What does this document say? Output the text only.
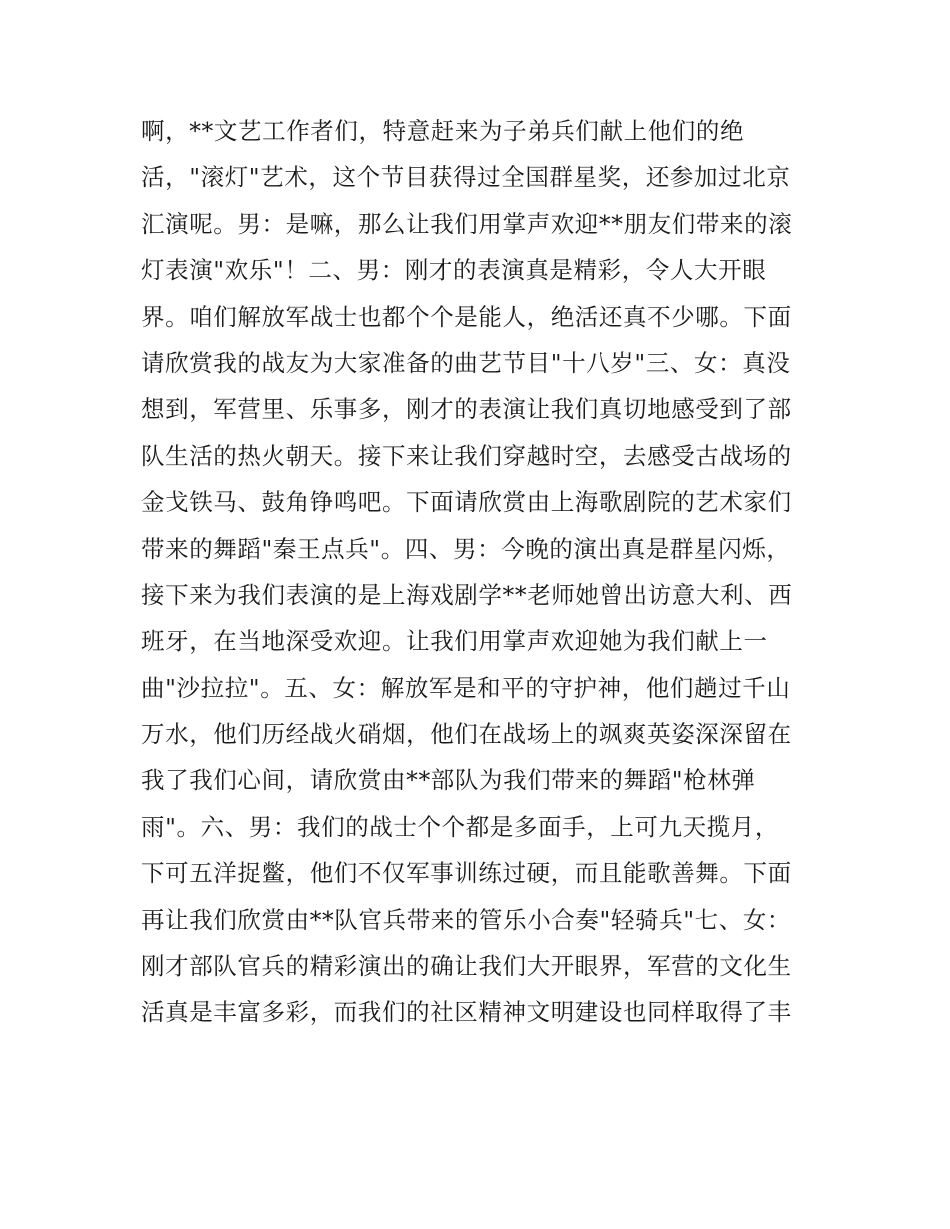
啊，**文艺工作者们，特意赶来为子弟兵们献上他们的绝
活，"滚灯"艺术，这个节目获得过全国群星奖，还参加过北京
汇演呢。男：是嘛，那么让我们用掌声欢迎**朋友们带来的滚
灯表演"欢乐"！二、男：刚才的表演真是精彩，令人大开眼
界。咱们解放军战士也都个个是能人，绝活还真不少哪。下面
请欣赏我的战友为大家准备的曲艺节目"十八岁"三、女：真没
想到，军营里、乐事多，刚才的表演让我们真切地感受到了部
队生活的热火朝天。接下来让我们穿越时空，去感受古战场的
金戈铁马、鼓角铮鸣吧。下面请欣赏由上海歌剧院的艺术家们
带来的舞蹈"秦王点兵"。四、男：今晚的演出真是群星闪烁，
接下来为我们表演的是上海戏剧学**老师她曾出访意大利、西
班牙，在当地深受欢迎。让我们用掌声欢迎她为我们献上一
曲"沙拉拉"。五、女：解放军是和平的守护神，他们趟过千山
万水，他们历经战火硝烟，他们在战场上的飒爽英姿深深留在
我了我们心间，请欣赏由**部队为我们带来的舞蹈"枪林弹
雨"。六、男：我们的战士个个都是多面手，上可九天揽月，
下可五洋捉鳖，他们不仅军事训练过硬，而且能歌善舞。下面
再让我们欣赏由**队官兵带来的管乐小合奏"轻骑兵"七、女：
刚才部队官兵的精彩演出的确让我们大开眼界，军营的文化生
活真是丰富多彩，而我们的社区精神文明建设也同样取得了丰
